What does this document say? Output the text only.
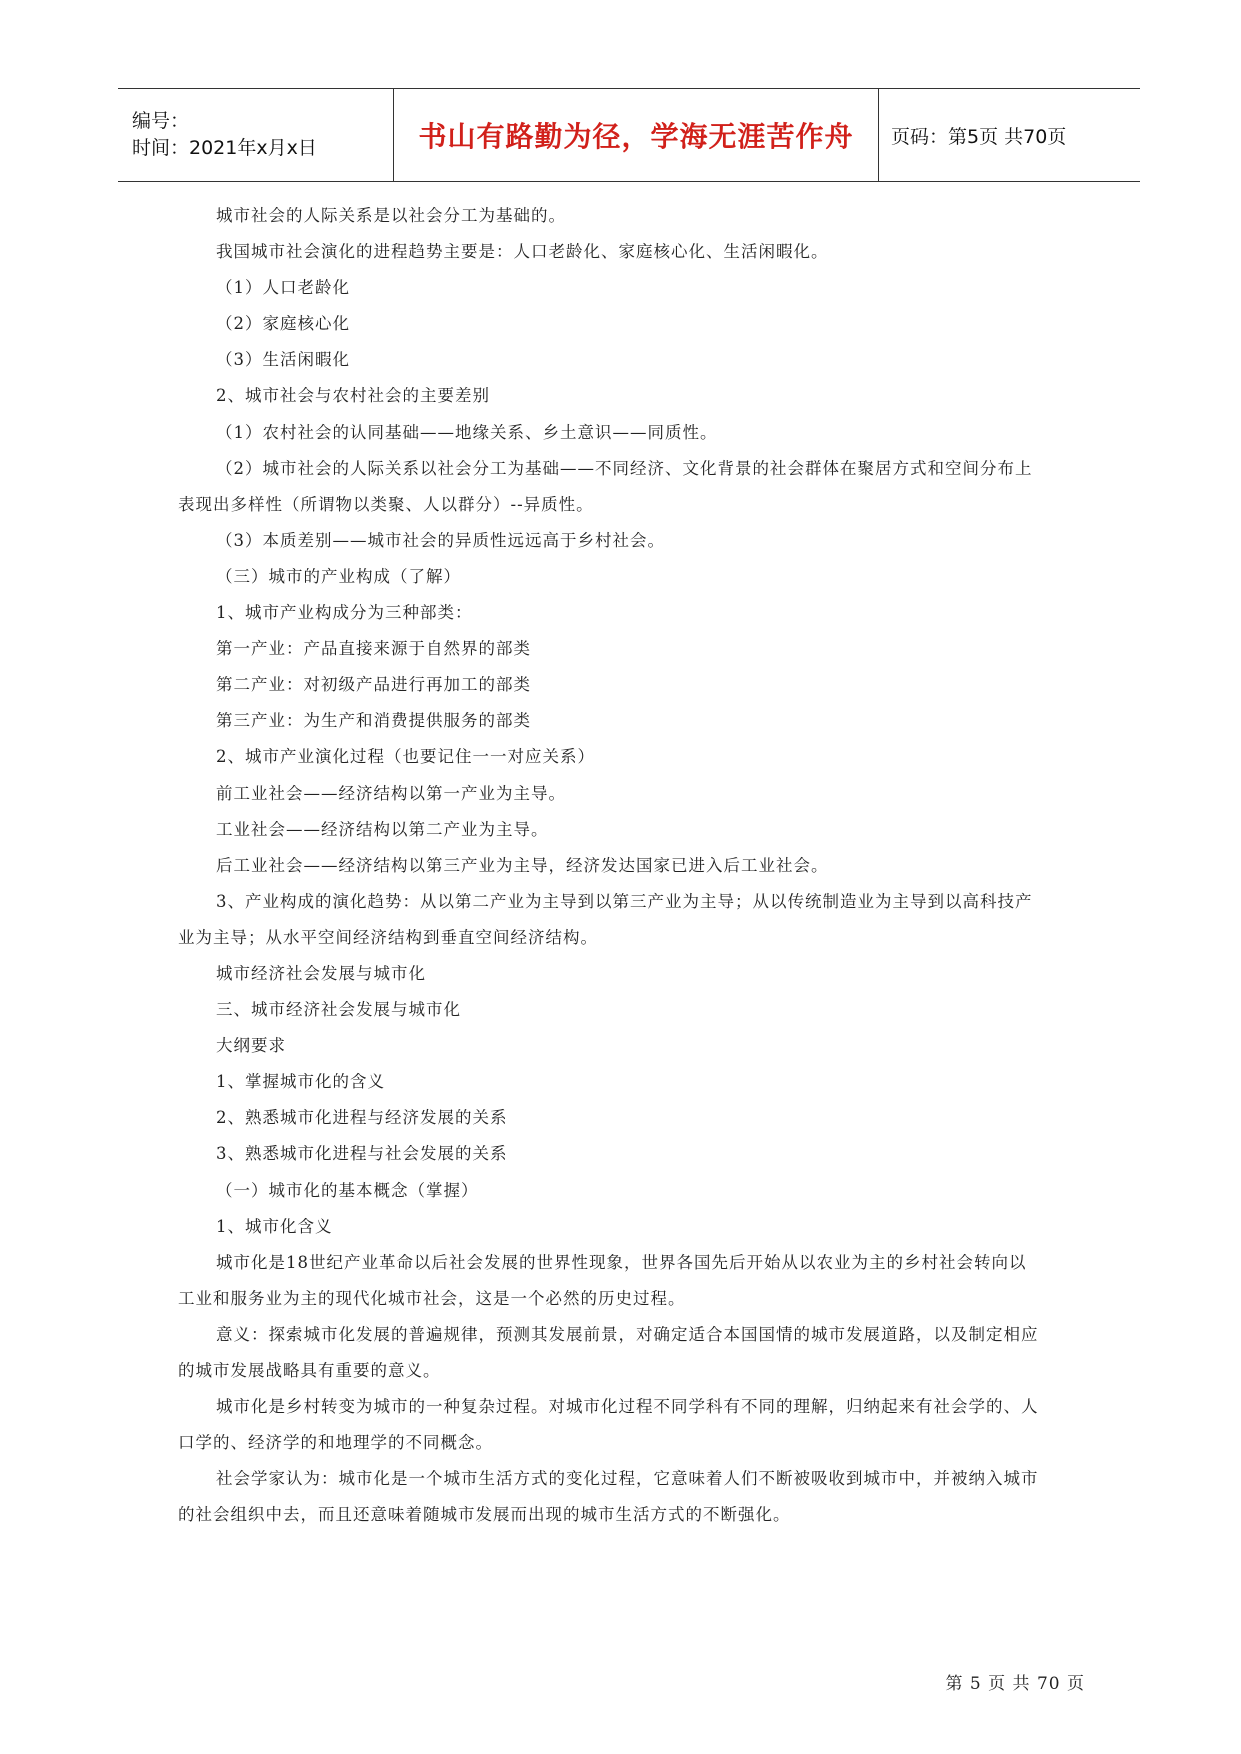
编号：
时间：2021年x月x日	书山有路勤为径，学海无涯苦作舟 页码：第5页 共70页
城市社会的人际关系是以社会分工为基础的。
我国城市社会演化的进程趋势主要是：人口老龄化、家庭核心化、生活闲暇化。
（1）人口老龄化
（2）家庭核心化
（3）生活闲暇化
2、城市社会与农村社会的主要差别
（1）农村社会的认同基础——地缘关系、乡土意识——同质性。
（2）城市社会的人际关系以社会分工为基础——不同经济、文化背景的社会群体在聚居方式和空间分布上
表现出多样性（所谓物以类聚、人以群分）--异质性。
（3）本质差别——城市社会的异质性远远高于乡村社会。
（三）城市的产业构成（了解）
1、城市产业构成分为三种部类：
第一产业：产品直接来源于自然界的部类
第二产业：对初级产品进行再加工的部类
第三产业：为生产和消费提供服务的部类
2、城市产业演化过程（也要记住一一对应关系）
前工业社会——经济结构以第一产业为主导。
工业社会——经济结构以第二产业为主导。
后工业社会——经济结构以第三产业为主导，经济发达国家已进入后工业社会。
3、产业构成的演化趋势：从以第二产业为主导到以第三产业为主导；从以传统制造业为主导到以高科技产
业为主导；从水平空间经济结构到垂直空间经济结构。
城市经济社会发展与城市化
三、城市经济社会发展与城市化
大纲要求
1、掌握城市化的含义
2、熟悉城市化进程与经济发展的关系
3、熟悉城市化进程与社会发展的关系
（一）城市化的基本概念（掌握）
1、城市化含义
城市化是18世纪产业革命以后社会发展的世界性现象，世界各国先后开始从以农业为主的乡村社会转向以
工业和服务业为主的现代化城市社会，这是一个必然的历史过程。
意义：探索城市化发展的普遍规律，预测其发展前景，对确定适合本国国情的城市发展道路，以及制定相应
的城市发展战略具有重要的意义。
城市化是乡村转变为城市的一种复杂过程。对城市化过程不同学科有不同的理解，归纳起来有社会学的、人
口学的、经济学的和地理学的不同概念。
社会学家认为：城市化是一个城市生活方式的变化过程，它意味着人们不断被吸收到城市中，并被纳入城市
的社会组织中去，而且还意味着随城市发展而出现的城市生活方式的不断强化。
第 5 页 共 70 页
